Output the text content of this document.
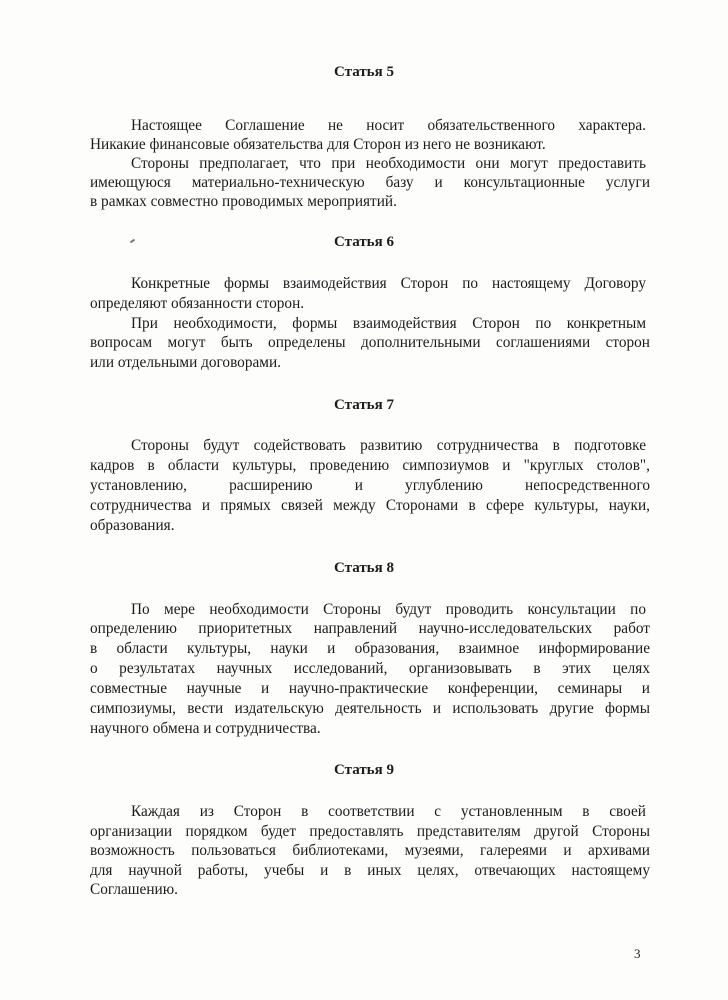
Статья 5

Настоящее Соглашение не носит обязательственного характера.

Никакие финансовые обязательства для Сторон из него не возникают.

Стороны предполагает, что при необходимости они могут предоставить

имеющуюся материально-техническую базу и консультационные услуги

в рамках совместно проводимых мероприятий.

Статья 6

Конкретные формы взаимодействия Сторон по настоящему Договору

определяют обязанности сторон.

При необходимости, формы взаимодействия Сторон по конкретным

вопросам могут быть определены дополнительными соглашениями сторон

или отдельными договорами.

Статья 7

Стороны будут содействовать развитию сотрудничества в подготовке

кадров в области культуры, проведению симпозиумов и "круглых столов",

установлению, расширению и углублению непосредственного

сотрудничества и прямых связей между Сторонами в сфере культуры, науки,

образования.

Статья 8

По мере необходимости Стороны будут проводить консультации по

определению приоритетных направлений научно-исследовательских работ

в области культуры, науки и образования, взаимное информирование

о результатах научных исследований, организовывать в этих целях

совместные научные и научно-практические конференции, семинары и

симпозиумы, вести издательскую деятельность и использовать другие формы

научного обмена и сотрудничества.

Статья 9

Каждая из Сторон в соответствии с установленным в своей

организации порядком будет предоставлять представителям другой Стороны

возможность пользоваться библиотеками, музеями, галереями и архивами

для научной работы, учебы и в иных целях, отвечающих настоящему

Соглашению.

3
